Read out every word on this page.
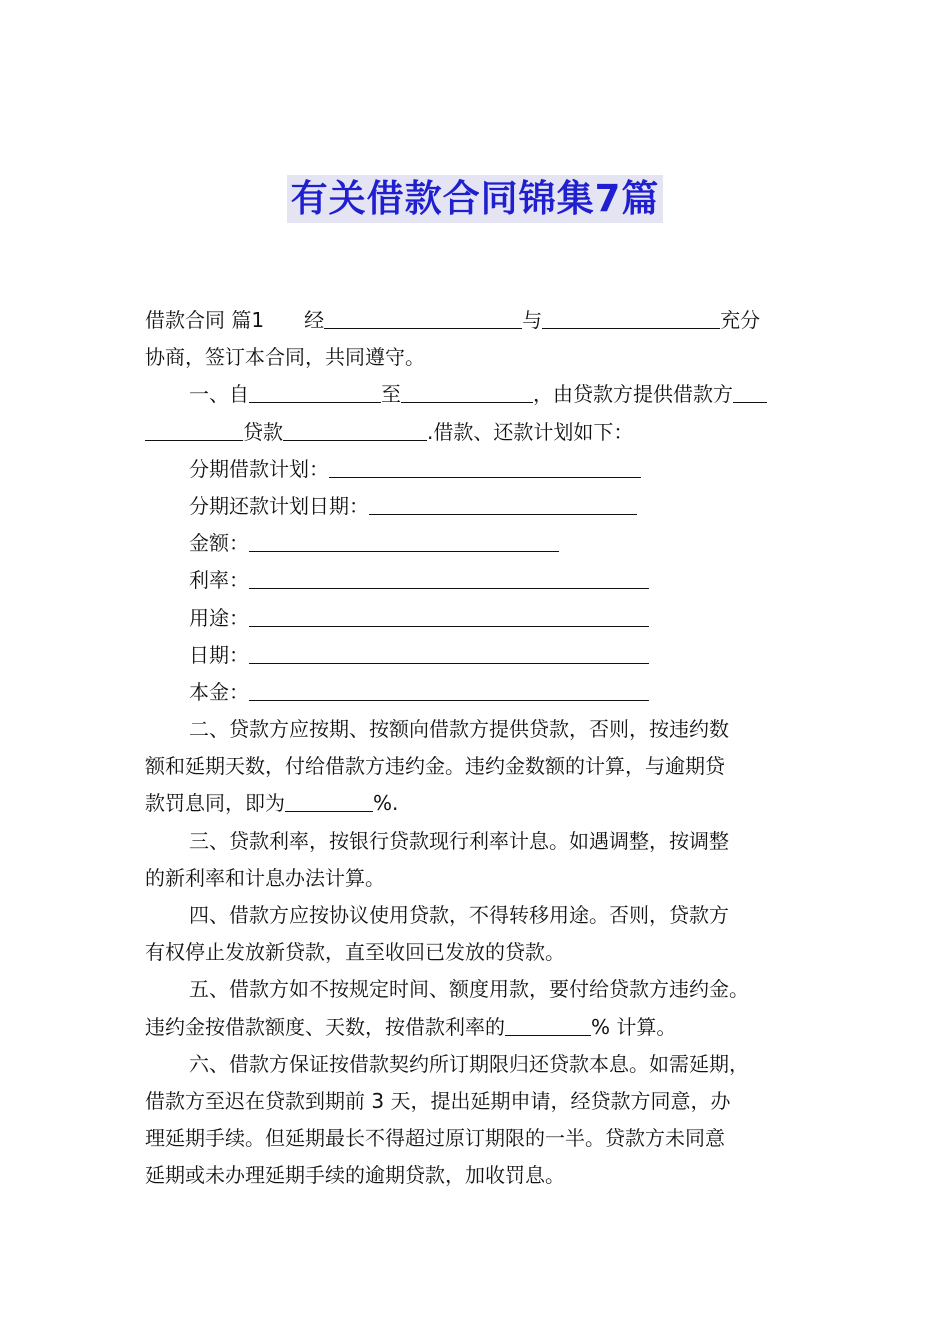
有关借款合同锦集7篇
借款合同 篇1　　经	与	充分
协商，签订本合同，共同遵守。
一、自	至	，由贷款方提供借款方
贷款	.借款、还款计划如下：
分期借款计划：
分期还款计划日期：
金额：
利率：
用途：
日期：
本金：
二、贷款方应按期、按额向借款方提供贷款，否则，按违约数
额和延期天数，付给借款方违约金。违约金数额的计算，与逾期贷
款罚息同，即为	%.
三、贷款利率，按银行贷款现行利率计息。如遇调整，按调整
的新利率和计息办法计算。
四、借款方应按协议使用贷款，不得转移用途。否则，贷款方
有权停止发放新贷款，直至收回已发放的贷款。
五、借款方如不按规定时间、额度用款，要付给贷款方违约金。
违约金按借款额度、天数，按借款利率的	% 计算。
六、借款方保证按借款契约所订期限归还贷款本息。如需延期，
借款方至迟在贷款到期前 3 天，提出延期申请，经贷款方同意，办
理延期手续。但延期最长不得超过原订期限的一半。贷款方未同意
延期或未办理延期手续的逾期贷款，加收罚息。
